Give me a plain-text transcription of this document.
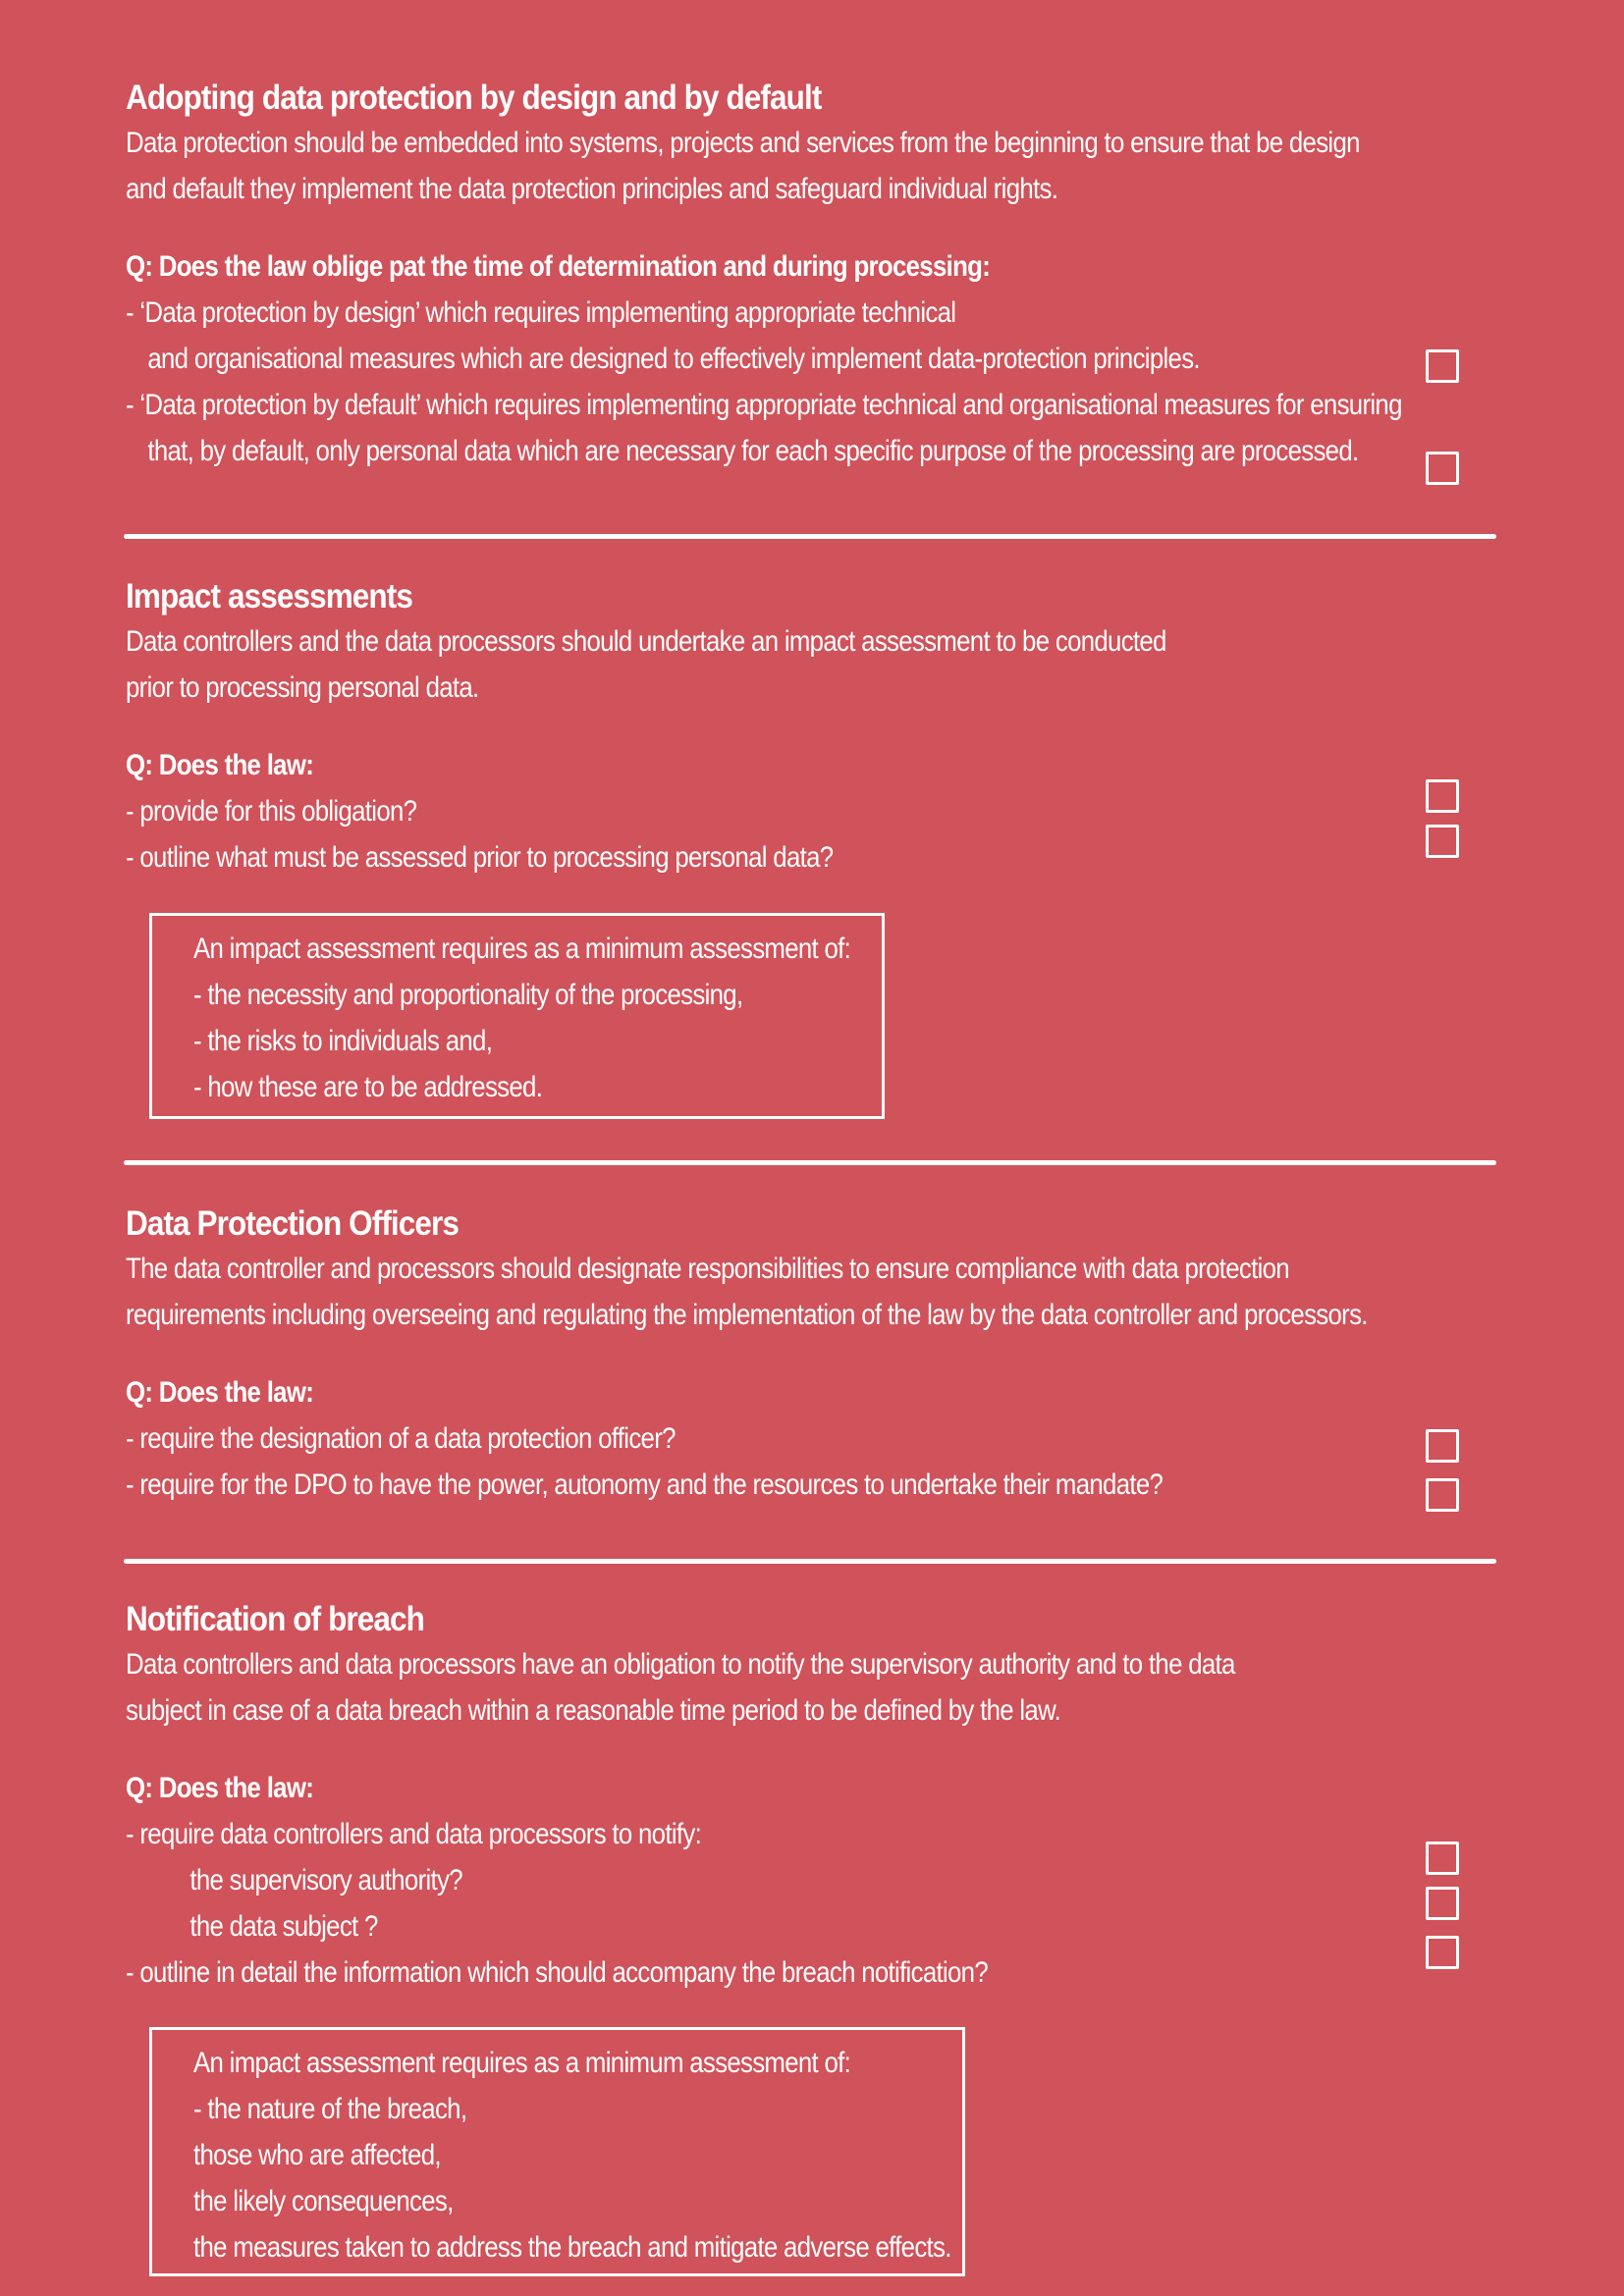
Adopting data protection by design and by default
Data protection should be embedded into systems, projects and services from the beginning to ensure that be design
and default they implement the data protection principles and safeguard individual rights.
Q: Does the law oblige pat the time of determination and during processing:
- ‘Data protection by design’ which requires implementing appropriate technical
and organisational measures which are designed to effectively implement data-protection principles.
- ‘Data protection by default’ which requires implementing appropriate technical and organisational measures for ensuring
that, by default, only personal data which are necessary for each specific purpose of the processing are processed.
Impact assessments
Data controllers and the data processors should undertake an impact assessment to be conducted
prior to processing personal data.
Q: Does the law:
- provide for this obligation?
- outline what must be assessed prior to processing personal data?
An impact assessment requires as a minimum assessment of:
- the necessity and proportionality of the processing,
- the risks to individuals and,
- how these are to be addressed.
Data Protection Officers
The data controller and processors should designate responsibilities to ensure compliance with data protection
requirements including overseeing and regulating the implementation of the law by the data controller and processors.
Q: Does the law:
- require the designation of a data protection officer?
- require for the DPO to have the power, autonomy and the resources to undertake their mandate?
Notification of breach
Data controllers and data processors have an obligation to notify the supervisory authority and to the data
subject in case of a data breach within a reasonable time period to be defined by the law.
Q: Does the law:
- require data controllers and data processors to notify:
the supervisory authority?
the data subject ?
- outline in detail the information which should accompany the breach notification?
An impact assessment requires as a minimum assessment of:
- the nature of the breach,
those who are affected,
the likely consequences,
the measures taken to address the breach and mitigate adverse effects.
